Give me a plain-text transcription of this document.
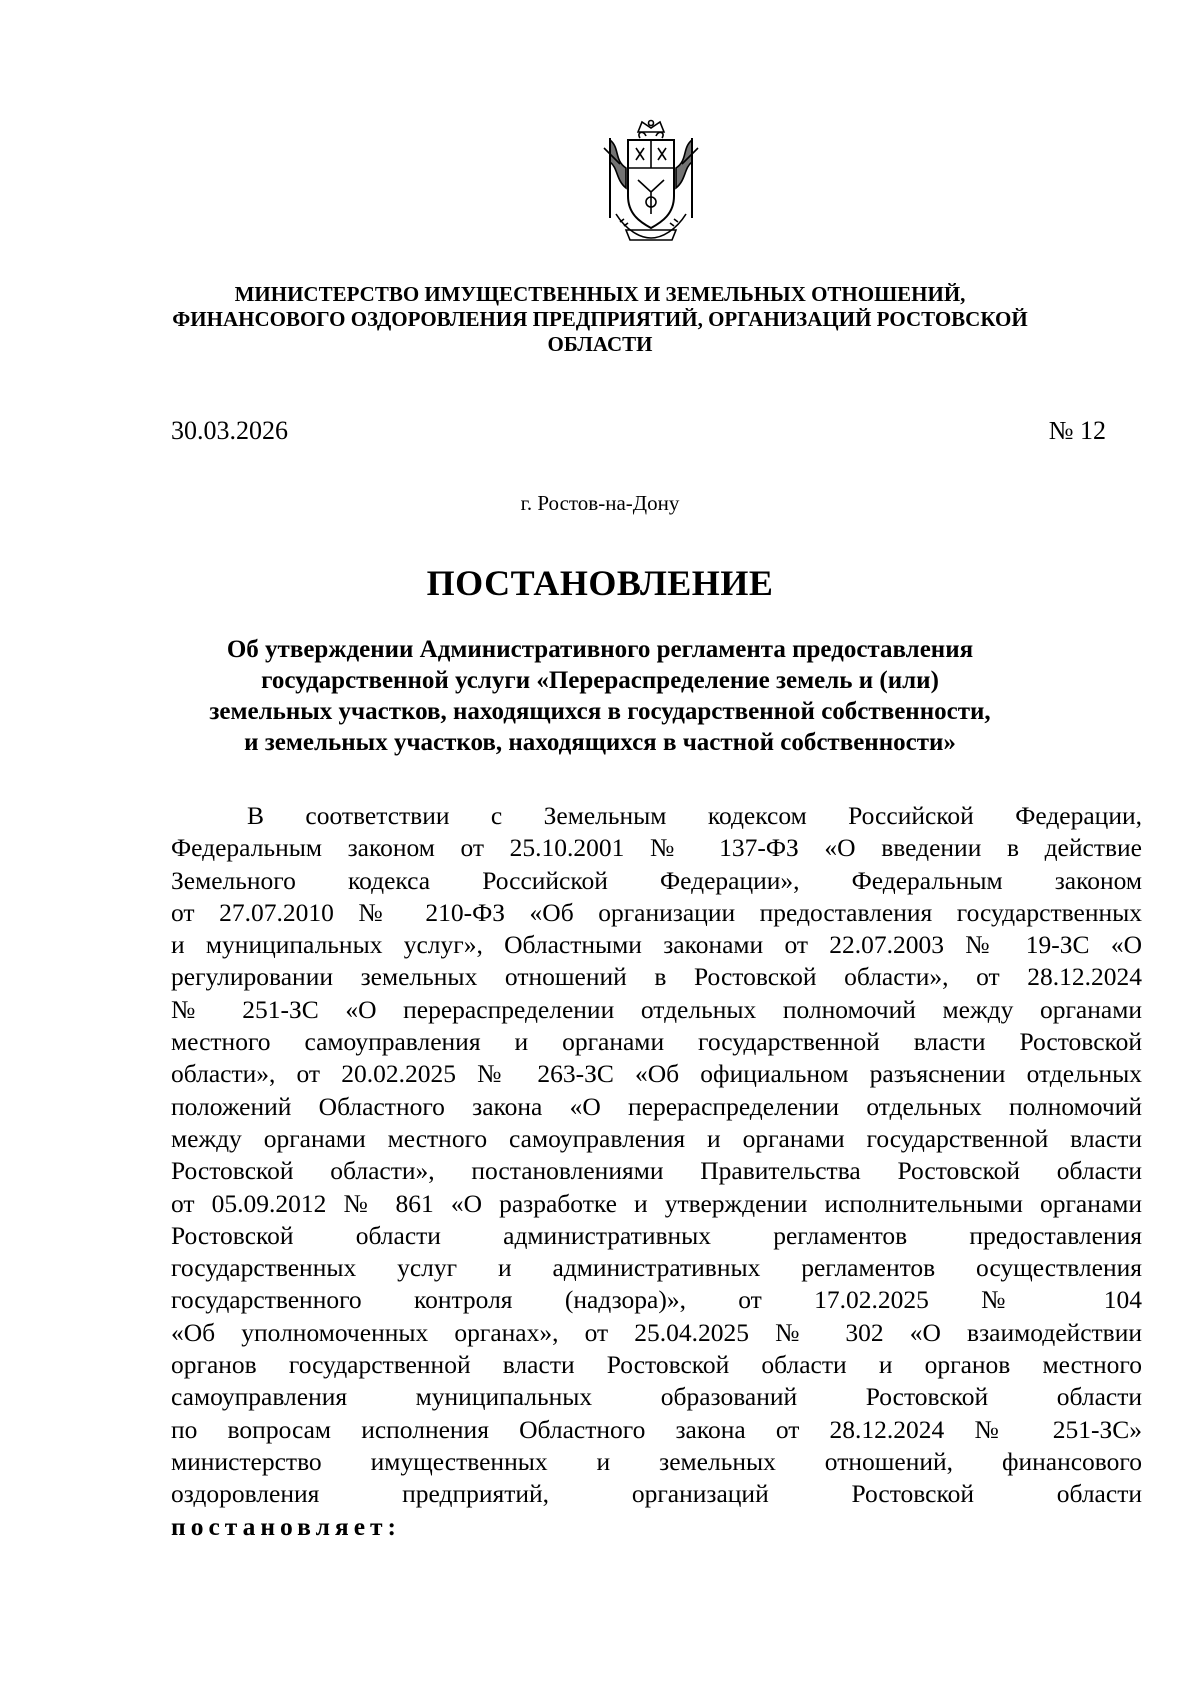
МИНИСТЕРСТВО ИМУЩЕСТВЕННЫХ И ЗЕМЕЛЬНЫХ ОТНОШЕНИЙ,
ФИНАНСОВОГО ОЗДОРОВЛЕНИЯ ПРЕДПРИЯТИЙ, ОРГАНИЗАЦИЙ РОСТОВСКОЙ
ОБЛАСТИ
30.03.2026	№ 12
г. Ростов-на-Дону
ПОСТАНОВЛЕНИЕ
Об утверждении Административного регламента предоставления
государственной услуги «Перераспределение земель и (или)
земельных участков, находящихся в государственной собственности,
и земельных участков, находящихся в частной собственности»
В соответствии с Земельным кодексом Российской Федерации,
Федеральным законом от 25.10.2001 № 137-ФЗ «О введении в действие
Земельного кодекса Российской Федерации», Федеральным законом
от 27.07.2010 № 210-ФЗ «Об организации предоставления государственных
и муниципальных услуг», Областными законами от 22.07.2003 № 19-ЗС «О
регулировании земельных отношений в Ростовской области», от 28.12.2024
№ 251-ЗС «О перераспределении отдельных полномочий между органами
местного самоуправления и органами государственной власти Ростовской
области», от 20.02.2025 № 263-ЗС «Об официальном разъяснении отдельных
положений Областного закона «О перераспределении отдельных полномочий
между органами местного самоуправления и органами государственной власти
Ростовской области», постановлениями Правительства Ростовской области
от 05.09.2012 № 861 «О разработке и утверждении исполнительными органами
Ростовской области административных регламентов предоставления
государственных услуг и административных регламентов осуществления
государственного контроля (надзора)», от 17.02.2025 № 104
«Об уполномоченных органах», от 25.04.2025 № 302 «О взаимодействии
органов государственной власти Ростовской области и органов местного
самоуправления муниципальных образований Ростовской области
по вопросам исполнения Областного закона от 28.12.2024 № 251-ЗС»
министерство имущественных и земельных отношений, финансового
оздоровления предприятий, организаций Ростовской области
постановляет:
